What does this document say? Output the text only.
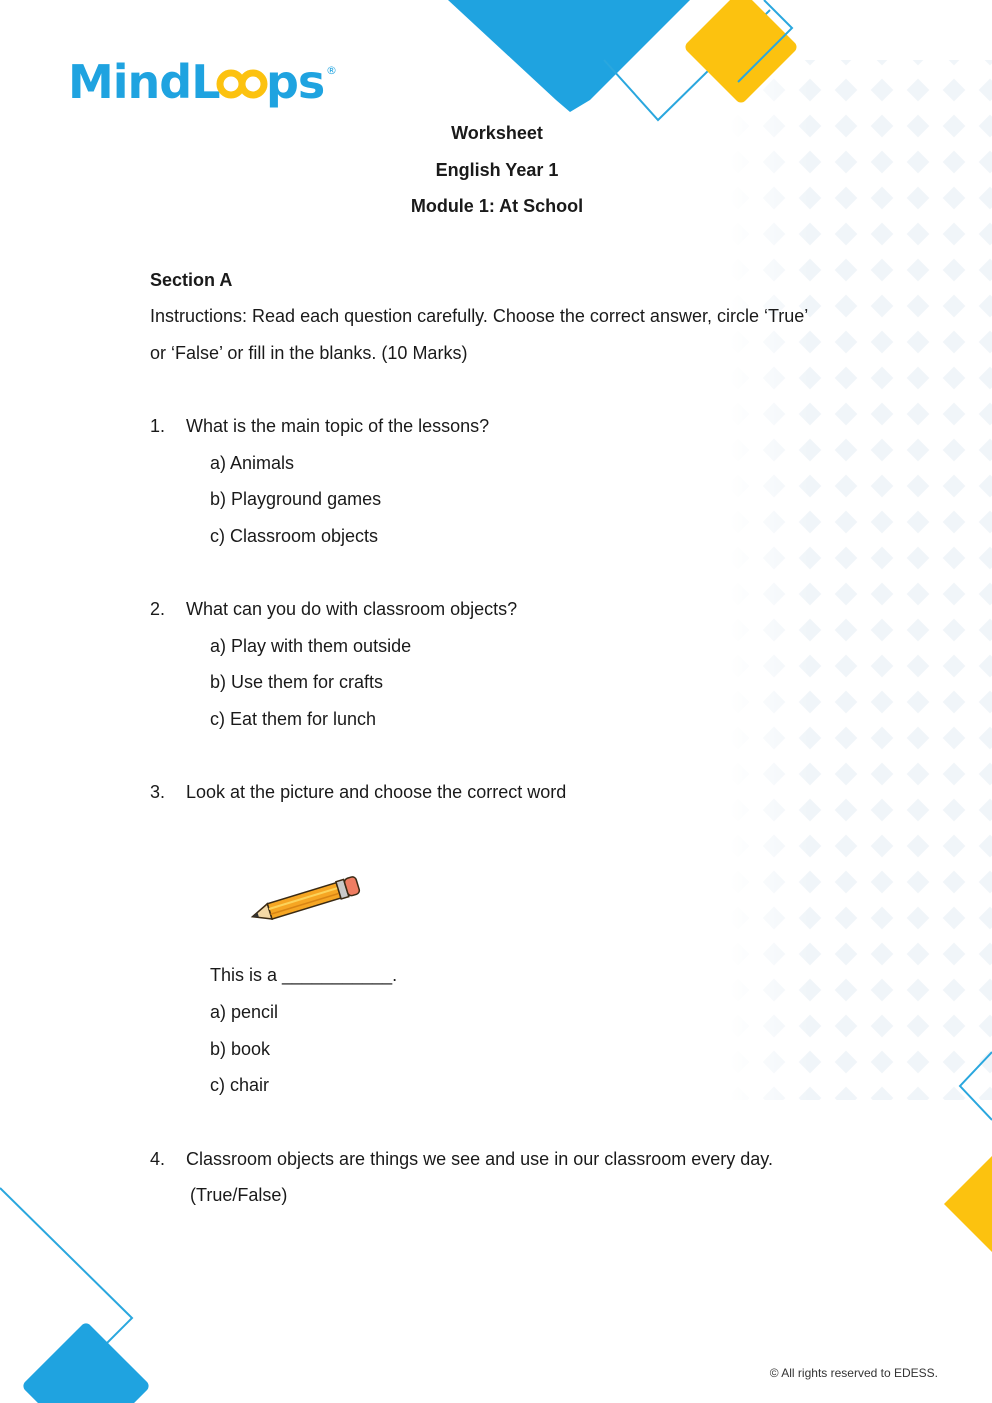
MindL ps ®
Worksheet
English Year 1
Module 1: At School
Section A
Instructions: Read each question carefully. Choose the correct answer, circle ‘True’
or ‘False’ or fill in the blanks. (10 Marks)
1. What is the main topic of the lessons?
a) Animals
b) Playground games
c) Classroom objects
2. What can you do with classroom objects?
a) Play with them outside
b) Use them for crafts
c) Eat them for lunch
3. Look at the picture and choose the correct word
This is a ___________.
a) pencil
b) book
c) chair
4. Classroom objects are things we see and use in our classroom every day.
(True/False)
© All rights reserved to EDESS.
